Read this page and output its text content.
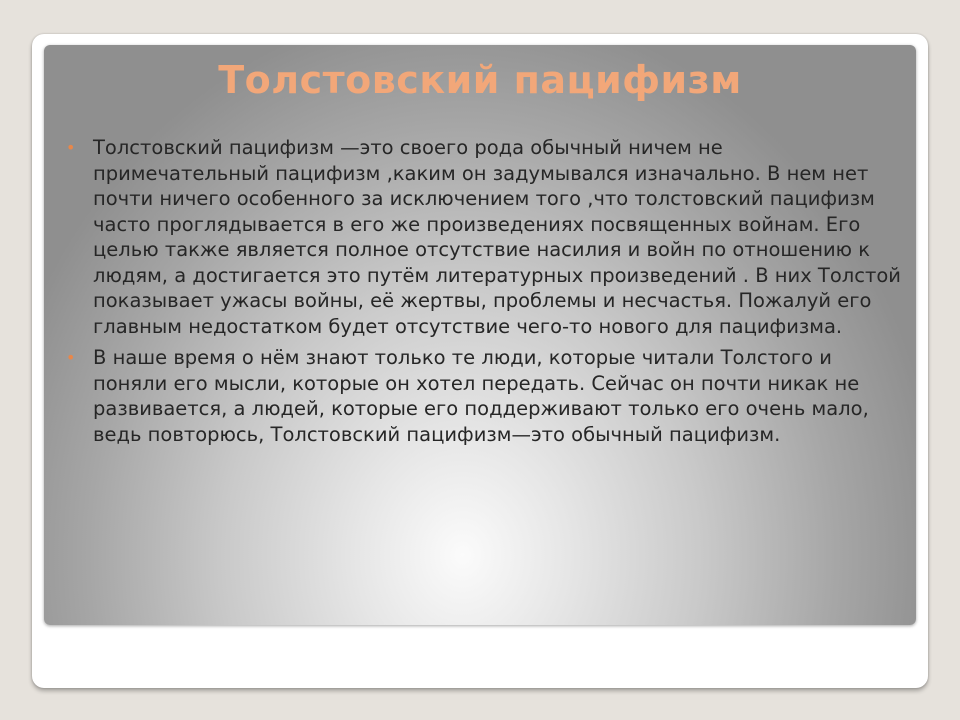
Толстовский пацифизм
• Толстовский пацифизм —это своего рода обычный ничем не примечательный пацифизм ,каким он задумывался изначально. В нем нет почти ничего особенного за исключением того ,что толстовский пацифизм часто проглядывается в его же произведениях посвященных войнам. Его целью также является полное отсутствие насилия и войн по отношению к людям, а достигается это путём литературных произведений . В них Толстой показывает ужасы войны, её жертвы, проблемы и несчастья. Пожалуй его главным недостатком будет отсутствие чего-то нового для пацифизма.
• В наше время о нём знают только те люди, которые читали Толстого и поняли его мысли, которые он хотел передать. Сейчас он почти никак не развивается, а людей, которые его поддерживают только его очень мало, ведь повторюсь, Толстовский пацифизм—это обычный пацифизм.
